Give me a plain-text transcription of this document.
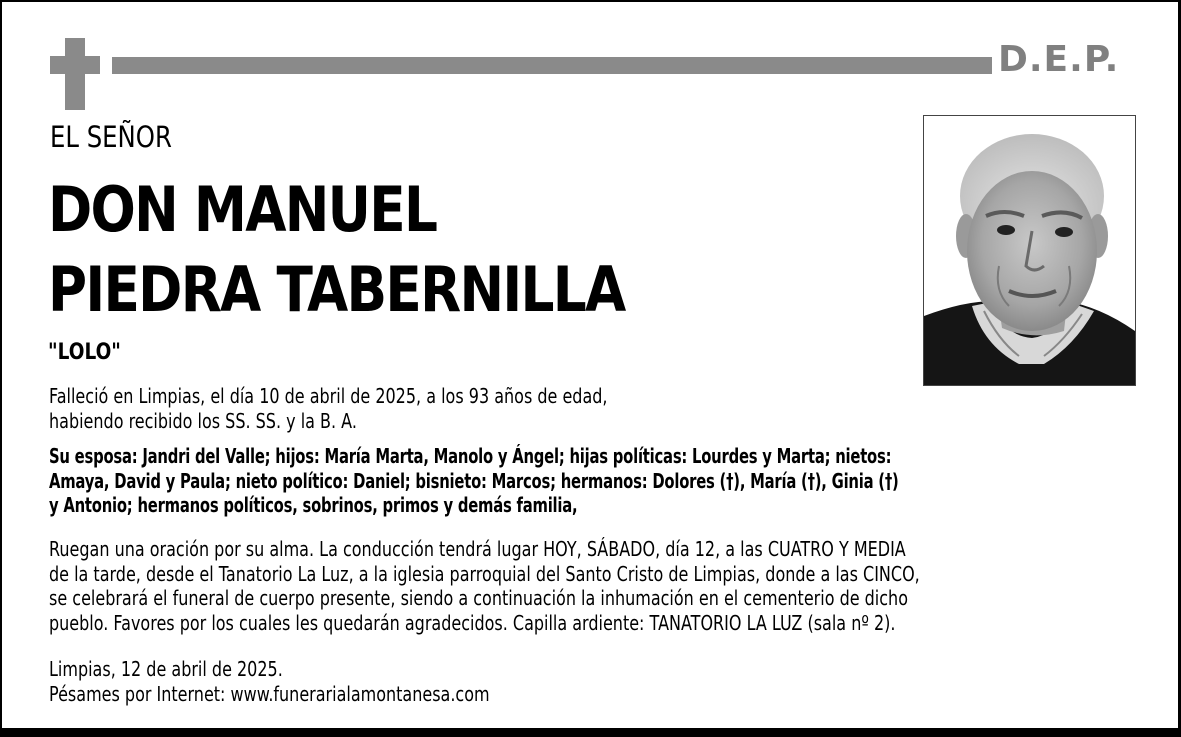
D.E.P.
EL SEÑOR
DON MANUEL
PIEDRA TABERNILLA
"LOLO"
Falleció en Limpias, el día 10 de abril de 2025, a los 93 años de edad,
habiendo recibido los SS. SS. y la B. A.
Su esposa: Jandri del Valle; hijos: María Marta, Manolo y Ángel; hijas políticas: Lourdes y Marta; nietos:
Amaya, David y Paula; nieto político: Daniel; bisnieto: Marcos; hermanos: Dolores (†), María (†), Ginia (†)
y Antonio; hermanos políticos, sobrinos, primos y demás familia,
Ruegan una oración por su alma. La conducción tendrá lugar HOY, SÁBADO, día 12, a las CUATRO Y MEDIA
de la tarde, desde el Tanatorio La Luz, a la iglesia parroquial del Santo Cristo de Limpias, donde a las CINCO,
se celebrará el funeral de cuerpo presente, siendo a continuación la inhumación en el cementerio de dicho
pueblo. Favores por los cuales les quedarán agradecidos. Capilla ardiente: TANATORIO LA LUZ (sala nº 2).
Limpias, 12 de abril de 2025.
Pésames por Internet: www.funerarialamontanesa.com
